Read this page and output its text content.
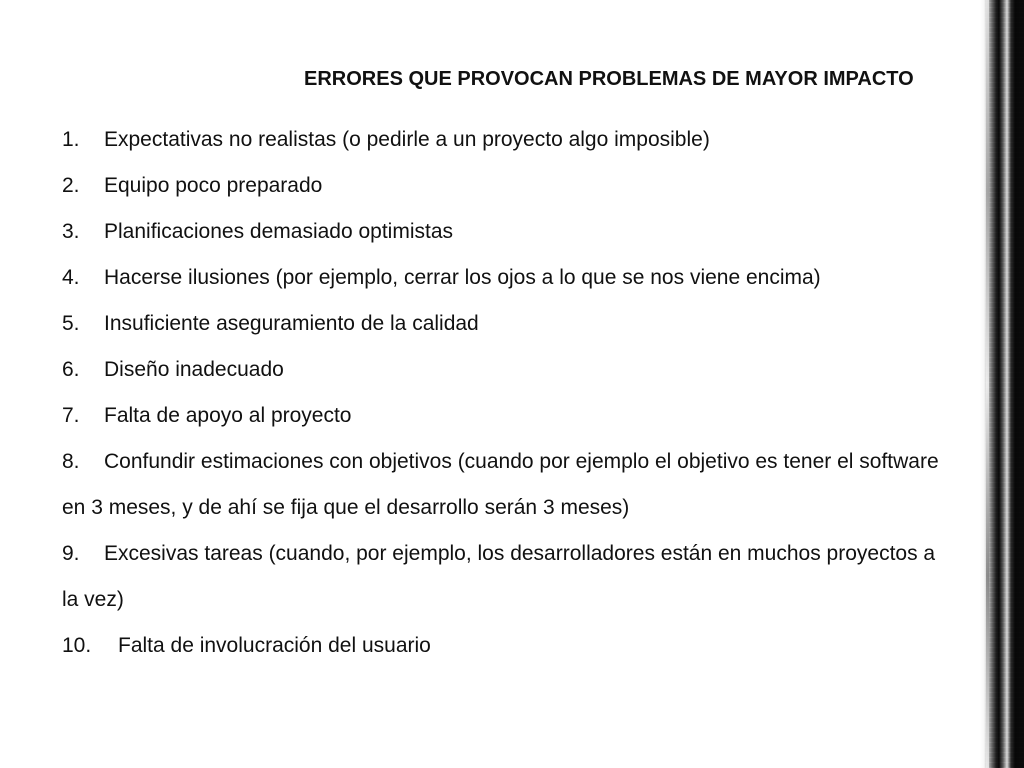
ERRORES QUE PROVOCAN PROBLEMAS DE MAYOR IMPACTO
1. Expectativas no realistas (o pedirle a un proyecto algo imposible)
2. Equipo poco preparado
3. Planificaciones demasiado optimistas
4. Hacerse ilusiones (por ejemplo, cerrar los ojos a lo que se nos viene encima)
5. Insuficiente aseguramiento de la calidad
6. Diseño inadecuado
7. Falta de apoyo al proyecto
8. Confundir estimaciones con objetivos (cuando por ejemplo el objetivo es tener el software en 3 meses, y de ahí se fija que el desarrollo serán 3 meses)
9. Excesivas tareas (cuando, por ejemplo, los desarrolladores están en muchos proyectos a la vez)
10. Falta de involucración del usuario
